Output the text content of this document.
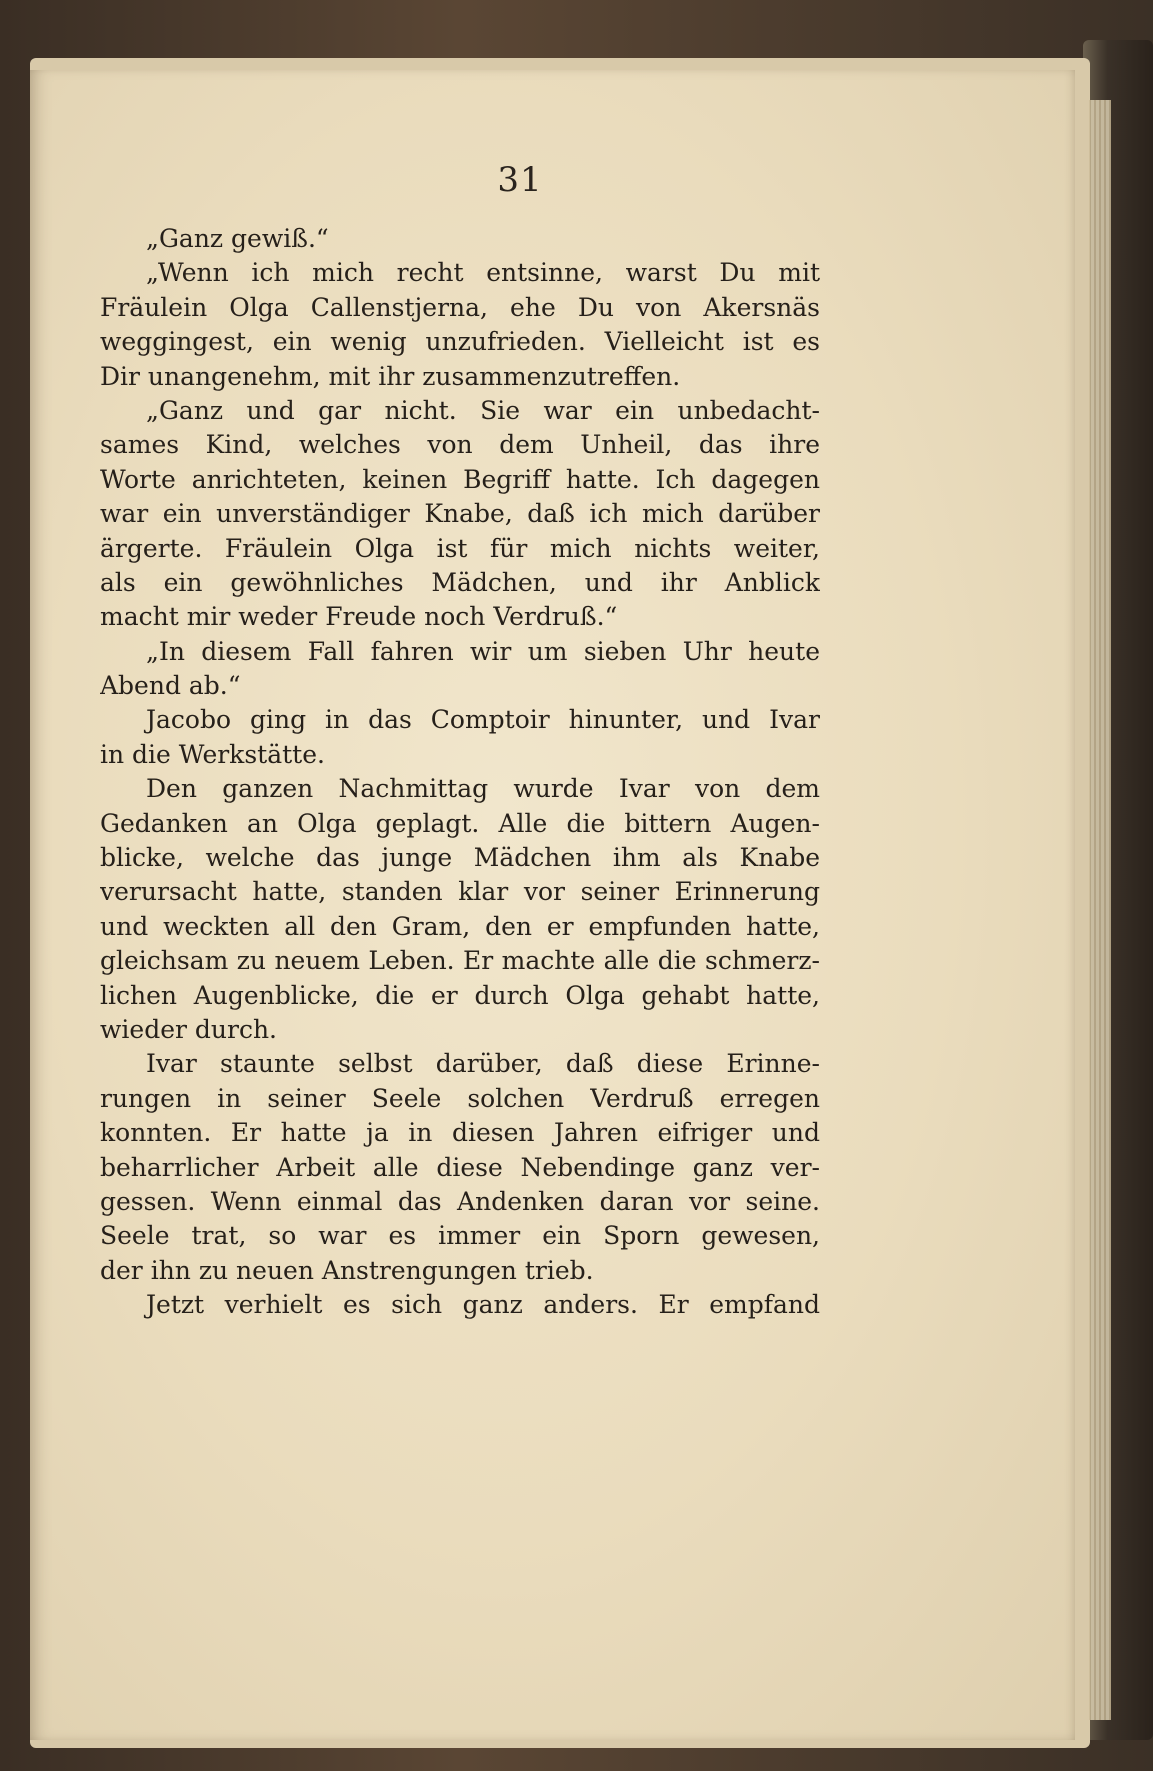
31
„Ganz gewiß.“
„Wenn ich mich recht entsinne, warst Du mit
Fräulein Olga Callenstjerna, ehe Du von Akersnäs
weggingest, ein wenig unzufrieden. Vielleicht ist es
Dir unangenehm, mit ihr zusammenzutreffen.
„Ganz und gar nicht. Sie war ein unbedacht-
sames Kind, welches von dem Unheil, das ihre
Worte anrichteten, keinen Begriff hatte. Ich dagegen
war ein unverständiger Knabe, daß ich mich darüber
ärgerte. Fräulein Olga ist für mich nichts weiter,
als ein gewöhnliches Mädchen, und ihr Anblick
macht mir weder Freude noch Verdruß.“
„In diesem Fall fahren wir um sieben Uhr heute
Abend ab.“
Jacobo ging in das Comptoir hinunter, und Ivar
in die Werkstätte.
Den ganzen Nachmittag wurde Ivar von dem
Gedanken an Olga geplagt. Alle die bittern Augen-
blicke, welche das junge Mädchen ihm als Knabe
verursacht hatte, standen klar vor seiner Erinnerung
und weckten all den Gram, den er empfunden hatte,
gleichsam zu neuem Leben. Er machte alle die schmerz-
lichen Augenblicke, die er durch Olga gehabt hatte,
wieder durch.
Ivar staunte selbst darüber, daß diese Erinne-
rungen in seiner Seele solchen Verdruß erregen
konnten. Er hatte ja in diesen Jahren eifriger und
beharrlicher Arbeit alle diese Nebendinge ganz ver-
gessen. Wenn einmal das Andenken daran vor seine.
Seele trat, so war es immer ein Sporn gewesen,
der ihn zu neuen Anstrengungen trieb.
Jetzt verhielt es sich ganz anders. Er empfand
